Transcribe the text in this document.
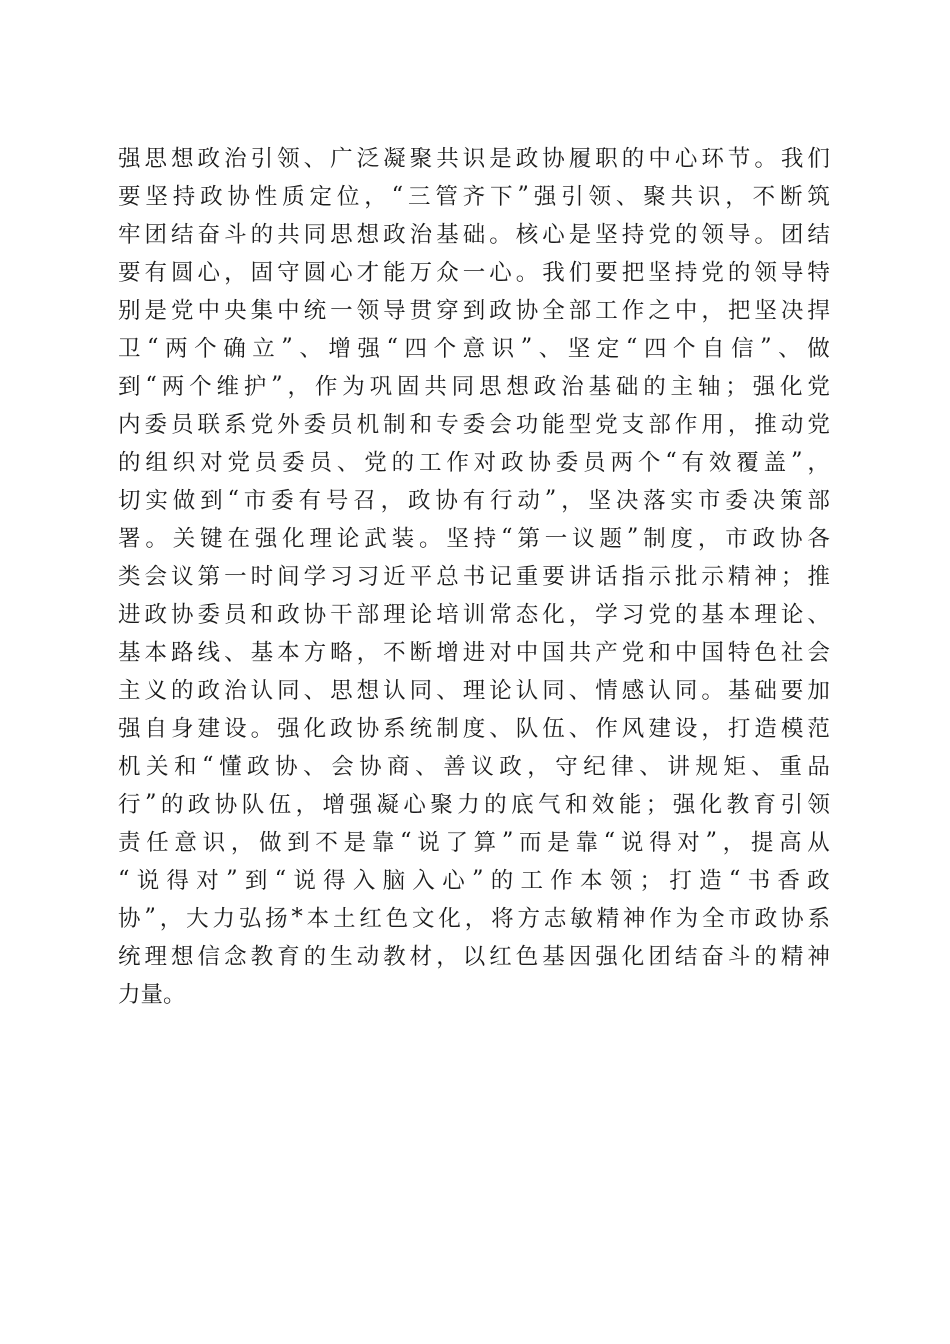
强 思 想 政 治 引 领 、 广 泛 凝 聚 共 识 是 政 协 履 职 的 中 心 环 节 。 我 们
要 坚 持 政 协 性 质 定 位 ， “ 三 管 齐 下 ” 强 引 领 、 聚 共 识 ， 不 断 筑
牢 团 结 奋 斗 的 共 同 思 想 政 治 基 础 。 核 心 是 坚 持 党 的 领 导 。 团 结
要 有 圆 心 ， 固 守 圆 心 才 能 万 众 一 心 。 我 们 要 把 坚 持 党 的 领 导 特
别 是 党 中 央 集 中 统 一 领 导 贯 穿 到 政 协 全 部 工 作 之 中 ， 把 坚 决 捍
卫 “ 两 个 确 立 ” 、 增 强 “ 四 个 意 识 ” 、 坚 定 “ 四 个 自 信 ” 、 做
到 “ 两 个 维 护 ” ， 作 为 巩 固 共 同 思 想 政 治 基 础 的 主 轴 ； 强 化 党
内 委 员 联 系 党 外 委 员 机 制 和 专 委 会 功 能 型 党 支 部 作 用 ， 推 动 党
的 组 织 对 党 员 委 员 、 党 的 工 作 对 政 协 委 员 两 个 “ 有 效 覆 盖 ” ，
切 实 做 到 “ 市 委 有 号 召 ， 政 协 有 行 动 ” ， 坚 决 落 实 市 委 决 策 部
署 。 关 键 在 强 化 理 论 武 装 。 坚 持 “ 第 一 议 题 ” 制 度 ， 市 政 协 各
类 会 议 第 一 时 间 学 习 习 近 平 总 书 记 重 要 讲 话 指 示 批 示 精 神 ； 推
进 政 协 委 员 和 政 协 干 部 理 论 培 训 常 态 化 ， 学 习 党 的 基 本 理 论 、
基 本 路 线 、 基 本 方 略 ， 不 断 增 进 对 中 国 共 产 党 和 中 国 特 色 社 会
主 义 的 政 治 认 同 、 思 想 认 同 、 理 论 认 同 、 情 感 认 同 。 基 础 要 加
强 自 身 建 设 。 强 化 政 协 系 统 制 度 、 队 伍 、 作 风 建 设 ， 打 造 模 范
机 关 和 “ 懂 政 协 、 会 协 商 、 善 议 政 ， 守 纪 律 、 讲 规 矩 、 重 品
行 ” 的 政 协 队 伍 ， 增 强 凝 心 聚 力 的 底 气 和 效 能 ； 强 化 教 育 引 领
责 任 意 识 ， 做 到 不 是 靠 “ 说 了 算 ” 而 是 靠 “ 说 得 对 ” ， 提 高 从
“ 说 得 对 ” 到 “ 说 得 入 脑 入 心 ” 的 工 作 本 领 ； 打 造 “ 书 香 政
协 ” ， 大 力 弘 扬 * 本 土 红 色 文 化 ， 将 方 志 敏 精 神 作 为 全 市 政 协 系
统 理 想 信 念 教 育 的 生 动 教 材 ， 以 红 色 基 因 强 化 团 结 奋 斗 的 精 神
力量。
